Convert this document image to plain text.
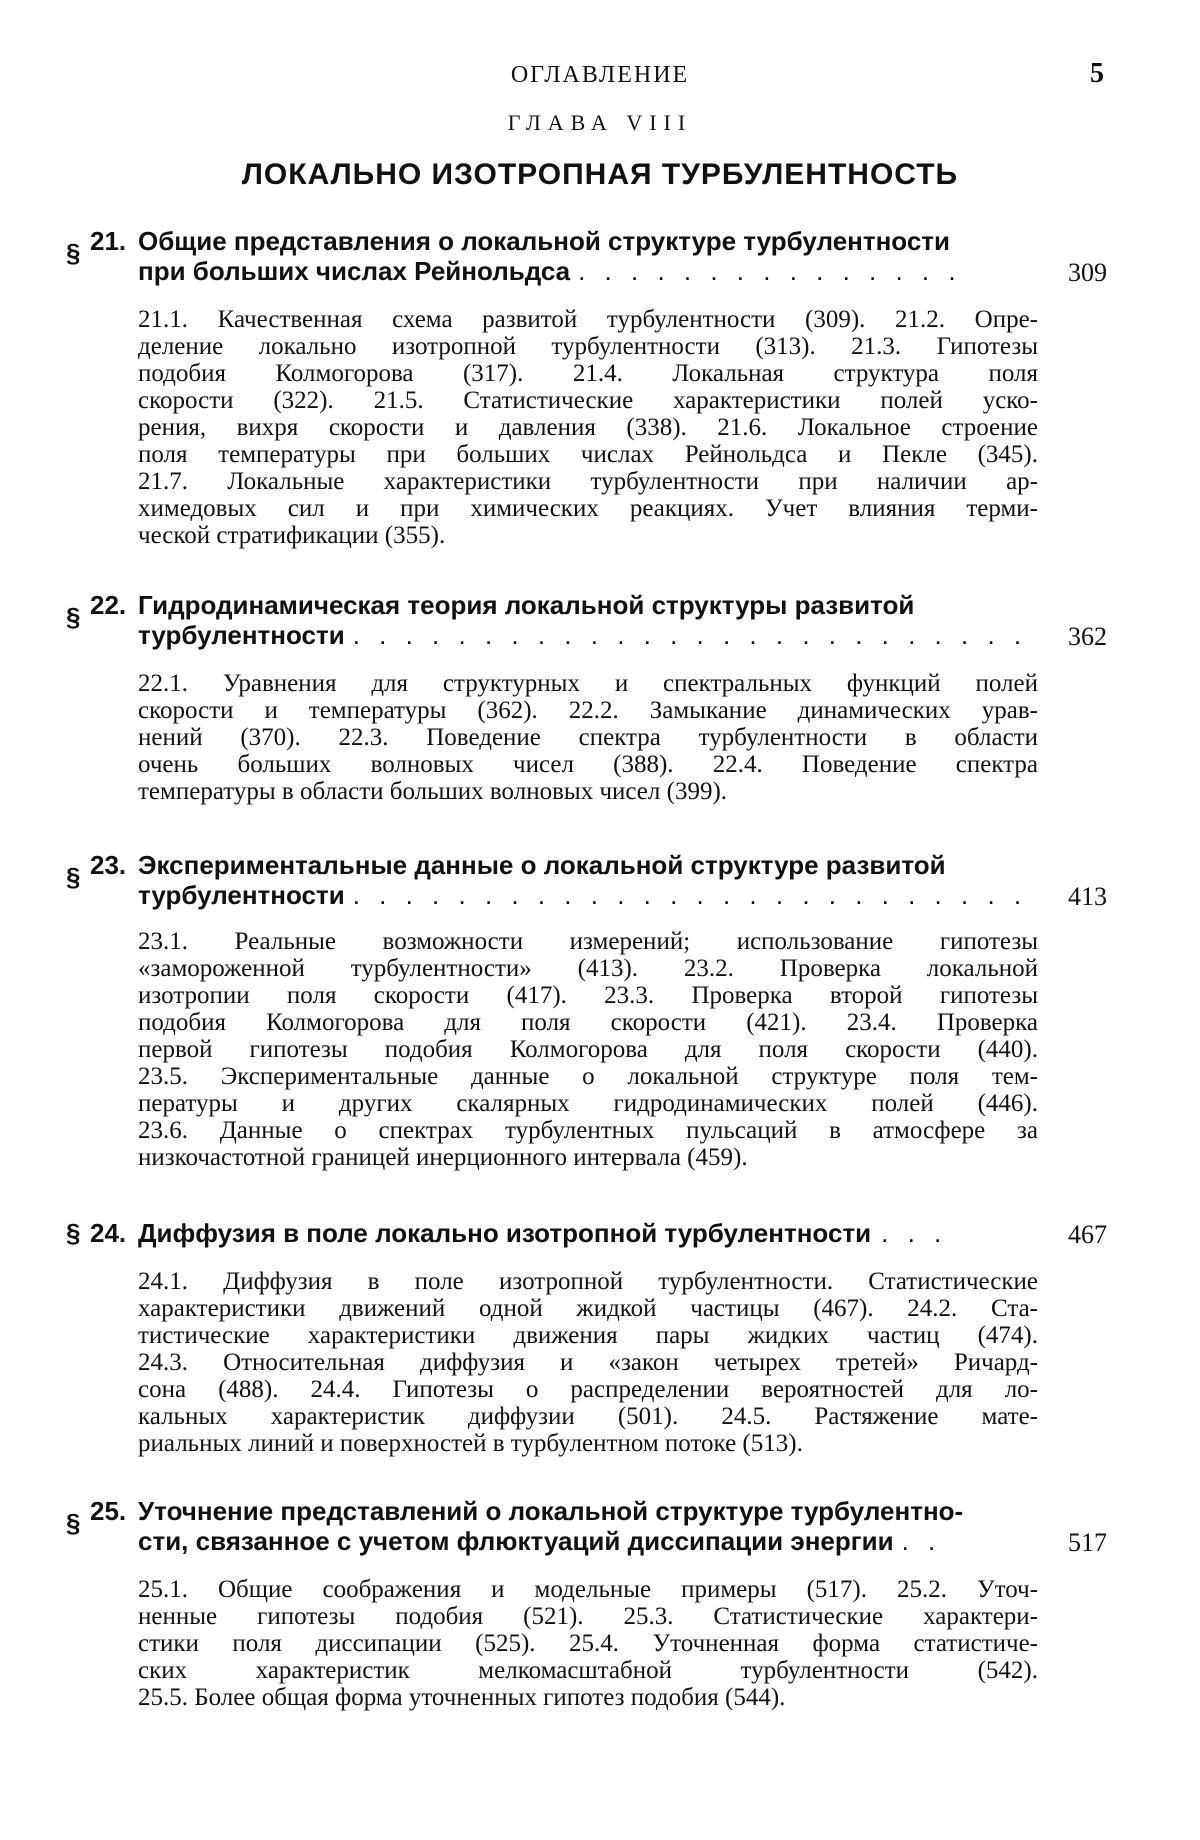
ОГЛАВЛЕНИЕ	5
ГЛАВА VIII
ЛОКАЛЬНО ИЗОТРОПНАЯ ТУРБУЛЕНТНОСТЬ
§ 21. Общие представления о локальной структуре турбулентности
при больших числах Рейнольдса . . . . . . . . . . . . . . .	309
21.1. Качественная схема развитой турбулентности (309). 21.2. Опре-
деление локально изотропной турбулентности (313). 21.3. Гипотезы
подобия Колмогорова (317). 21.4. Локальная структура поля
скорости (322). 21.5. Статистические характеристики полей уско-
рения, вихря скорости и давления (338). 21.6. Локальное строение
поля температуры при больших числах Рейнольдса и Пекле (345).
21.7. Локальные характеристики турбулентности при наличии ар-
химедовых сил и при химических реакциях. Учет влияния терми-
ческой стратификации (355).
§ 22. Гидродинамическая теория локальной структуры развитой
турбулентности . . . . . . . . . . . . . . . . . . . . . . . . . .	362
22.1. Уравнения для структурных и спектральных функций полей
скорости и температуры (362). 22.2. Замыкание динамических урав-
нений (370). 22.3. Поведение спектра турбулентности в области
очень больших волновых чисел (388). 22.4. Поведение спектра
температуры в области больших волновых чисел (399).
§ 23. Экспериментальные данные о локальной структуре развитой
турбулентности . . . . . . . . . . . . . . . . . . . . . . . . . .	413
23.1. Реальные возможности измерений; использование гипотезы
«замороженной турбулентности» (413). 23.2. Проверка локальной
изотропии поля скорости (417). 23.3. Проверка второй гипотезы
подобия Колмогорова для поля скорости (421). 23.4. Проверка
первой гипотезы подобия Колмогорова для поля скорости (440).
23.5. Экспериментальные данные о локальной структуре поля тем-
пературы и других скалярных гидродинамических полей (446).
23.6. Данные о спектрах турбулентных пульсаций в атмосфере за
низкочастотной границей инерционного интервала (459).
§ 24. Диффузия в поле локально изотропной турбулентности . . .	467
24.1. Диффузия в поле изотропной турбулентности. Статистические
характеристики движений одной жидкой частицы (467). 24.2. Ста-
тистические характеристики движения пары жидких частиц (474).
24.3. Относительная диффузия и «закон четырех третей» Ричард-
сона (488). 24.4. Гипотезы о распределении вероятностей для ло-
кальных характеристик диффузии (501). 24.5. Растяжение мате-
риальных линий и поверхностей в турбулентном потоке (513).
§ 25. Уточнение представлений о локальной структуре турбулентно-
сти, связанное с учетом флюктуаций диссипации энергии . .	517
25.1. Общие соображения и модельные примеры (517). 25.2. Уточ-
ненные гипотезы подобия (521). 25.3. Статистические характери-
стики поля диссипации (525). 25.4. Уточненная форма статистиче-
ских характеристик мелкомасштабной турбулентности (542).
25.5. Более общая форма уточненных гипотез подобия (544).
